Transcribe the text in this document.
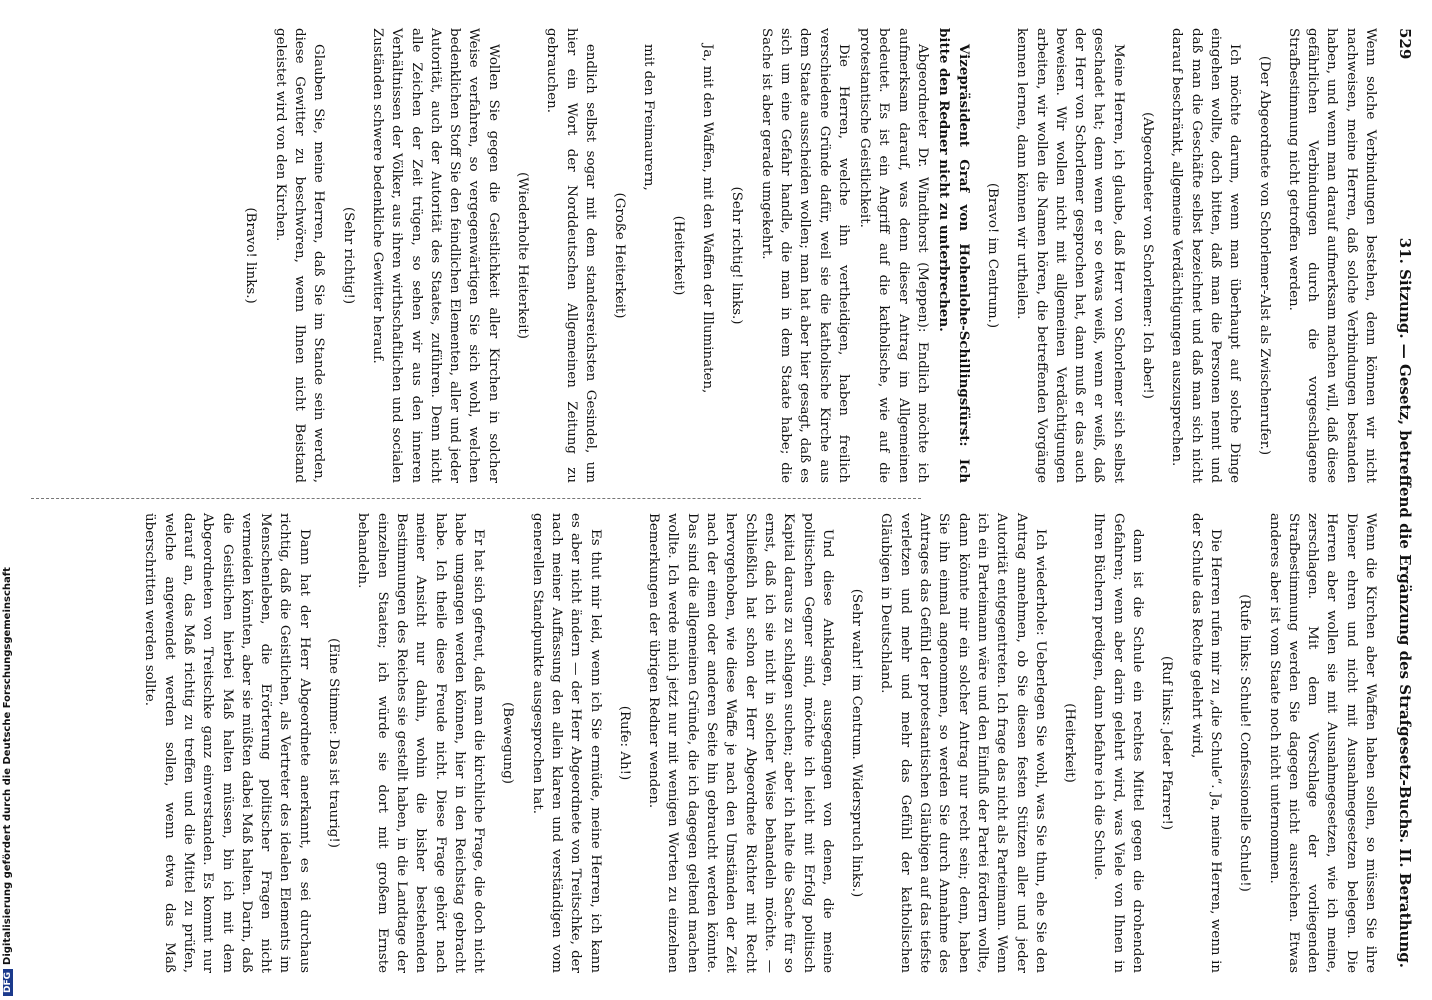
529
31. Sitzung. — Gesetz, betreffend die Ergänzung des Strafgesetz-Buchs. II. Berathung.

Wenn solche Verbindungen bestehen, denn können wir nicht nachweisen, meine Herren, daß solche Verbindungen bestanden haben, und wenn man darauf aufmerksam machen will, daß diese gefährlichen Verbindungen durch die vorgeschlagene Strafbestimmung nicht getroffen werden.

(Der Abgeordnete von Schorlemer-Alst als Zwischenrufer.)

Ich möchte darum, wenn man überhaupt auf solche Dinge eingehen wollte, doch bitten, daß man die Personen nennt und daß man die Geschäfte selbst bezeichnet und daß man sich nicht darauf beschränkt, allgemeine Verdächtigungen auszusprechen.

(Abgeordneter von Schorlemer: Ich aber!)

Meine Herren, ich glaube, daß Herr von Schorlemer sich selbst geschadet hat; denn wenn er so etwas weiß, wenn er weiß, daß der Herr von Schorlemer gesprochen hat, dann muß er das auch beweisen. Wir wollen nicht mit allgemeinen Verdächtigungen arbeiten, wir wollen die Namen hören, die betreffenden Vorgänge kennen lernen, dann können wir urtheilen.

(Bravo! im Centrum.)

Vizepräsident Graf von Hohenlohe-Schillingsfürst: Ich bitte den Redner nicht zu unterbrechen.

Abgeordneter Dr. Windthorst (Meppen): Endlich möchte ich aufmerksam darauf, was denn dieser Antrag im Allgemeinen bedeutet. Es ist ein Angriff auf die katholische, wie auf die protestantische Geistlichkeit.

Die Herren, welche ihn vertheidigen, haben freilich verschiedene Gründe dafür, weil sie die katholische Kirche aus dem Staate ausscheiden wollen; man hat aber hier gesagt, daß es sich um eine Gefahr handle, die man in dem Staate habe; die Sache ist aber gerade umgekehrt.

(Sehr richtig! links.)

Ja, mit den Waffen, mit den Waffen der Illuminaten,

(Heiterkeit)

mit den Freimaurern,

(Große Heiterkeit)

endlich selbst sogar mit dem standesreichsten Gesindel, um hier ein Wort der Norddeutschen Allgemeinen Zeitung zu gebrauchen.

(Wiederholte Heiterkeit)

Wollen Sie gegen die Geistlichkeit aller Kirchen in solcher Weise verfahren, so vergegenwärtigen Sie sich wohl, welchen bedenklichen Stoff Sie den feindlichen Elementen, aller und jeder Autorität, auch der Autorität des Staates, zuführen. Denn nicht alle Zeichen der Zeit trügen, so sehen wir aus den inneren Verhältnissen der Völker, aus ihren wirthschaftlichen und socialen Zuständen schwere bedenkliche Gewitter herauf.

(Sehr richtig!)

Glauben Sie, meine Herren, daß Sie im Stande sein werden, diese Gewitter zu beschwören, wenn Ihnen nicht Beistand geleistet wird von den Kirchen.

(Bravo! links.)

Wenn die Kirchen aber Waffen haben sollen, so müssen Sie ihre Diener ehren und nicht mit Ausnahmegesetzen belegen. Die Herren aber wollen sie mit Ausnahmegesetzen, wie ich meine, zerschlagen. Mit dem Vorschlage der vorliegenden Strafbestimmung werden Sie dagegen nicht ausreichen. Etwas anderes aber ist vom Staate noch nicht unternommen.

(Rufe links: Schule! Confessionelle Schule!)

Die Herren rufen mir zu „die Schule“. Ja, meine Herren, wenn in der Schule das Rechte gelehrt wird,

(Ruf links: Jeder Pfarrer!)

dann ist die Schule ein rechtes Mittel gegen die drohenden Gefahren; wenn aber darin gelehrt wird, was Viele von Ihnen in Ihren Büchern predigen, dann befahre ich die Schule.

(Heiterkeit)

Ich wiederhole: Ueberlegen Sie wohl, was Sie thun, ehe Sie den Antrag annehmen, ob Sie diesen festen Stützen aller und jeder Autorität entgegentreten. Ich frage das nicht als Parteimann. Wenn ich ein Parteimann wäre und den Einfluß der Partei fördern wollte, dann könnte mir ein solcher Antrag nur recht sein; denn, haben Sie ihn einmal angenommen, so werden Sie durch Annahme des Antrages das Gefühl der protestantischen Gläubigen auf das tiefste verletzen und mehr und mehr das Gefühl der katholischen Gläubigen in Deutschland.

(Sehr wahr! im Centrum. Widerspruch links.)

Und diese Anklagen, ausgegangen von denen, die meine politischen Gegner sind, möchte ich leicht mit Erfolg politisch Kapital daraus zu schlagen suchen; aber ich halte die Sache für so ernst, daß ich sie nicht in solcher Weise behandeln möchte. — Schließlich hat schon der Herr Abgeordnete Richter mit Recht hervorgehoben, wie diese Waffe je nach den Umständen der Zeit nach der einen oder anderen Seite hin gebraucht werden könnte. Das sind die allgemeinen Gründe, die ich dagegen geltend machen wollte. Ich werde mich jetzt nur mit wenigen Worten zu einzelnen Bemerkungen der übrigen Redner wenden.

(Rufe: Ah!)

Es thut mir leid, wenn ich Sie ermüde, meine Herren, ich kann es aber nicht ändern — der Herr Abgeordnete von Treitschke, der nach meiner Auffassung den allein klaren und verständigen vom generellen Standpunkte ausgesprochen hat.

(Bewegung)

Er hat sich gefreut, daß man die kirchliche Frage, die doch nicht habe umgangen werden können, hier in den Reichstag gebracht habe. Ich theile diese Freude nicht. Diese Frage gehört nach meiner Ansicht nur dahin, wohin die bisher bestehenden Bestimmungen des Reiches sie gestellt haben, in die Landtage der einzelnen Staaten; ich würde sie dort mit großem Ernste behandeln.

(Eine Stimme: Das ist traurig!)

Dann hat der Herr Abgeordnete anerkannt, es sei durchaus richtig, daß die Geistlichen, als Vertreter des idealen Elements im Menschenleben, die Erörterung politischer Fragen nicht vermeiden könnten, aber sie müßten dabei Maß halten. Darin, daß die Geistlichen hierbei Maß halten müssen, bin ich mit dem Abgeordneten von Treitschke ganz einverstanden. Es kommt nur darauf an, das Maß richtig zu treffen und die Mittel zu prüfen, welche angewendet werden sollen, wenn etwa das Maß überschritten werden sollte.

DFGDigitalisierung gefördert durch die Deutsche Forschungsgemeinschaft
